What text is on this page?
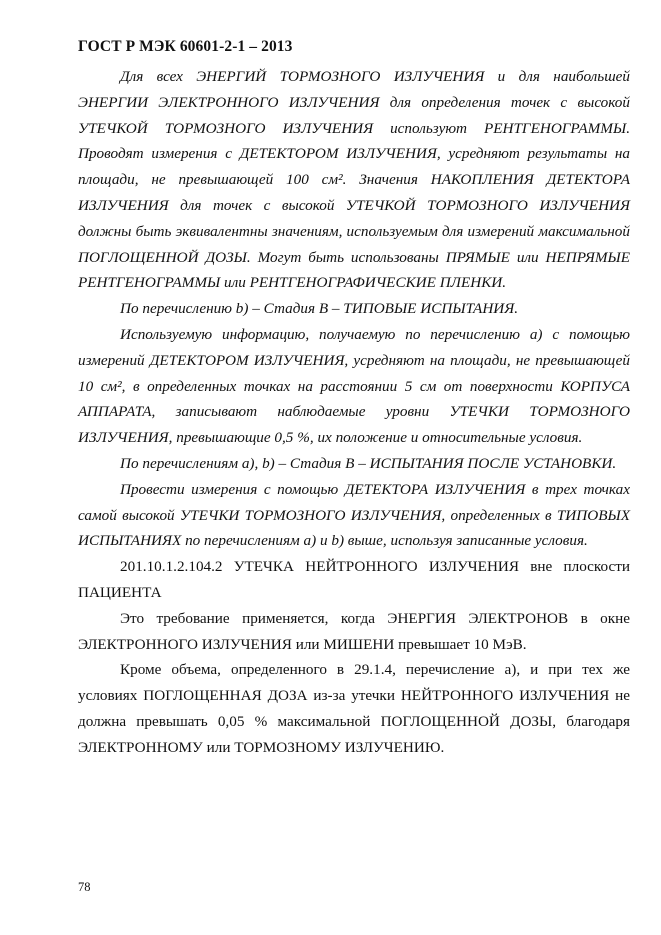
ГОСТ Р МЭК 60601-2-1 – 2013

Для всех ЭНЕРГИЙ ТОРМОЗНОГО ИЗЛУЧЕНИЯ и для наибольшей ЭНЕРГИИ ЭЛЕКТРОННОГО ИЗЛУЧЕНИЯ для определения точек с высокой УТЕЧКОЙ ТОРМОЗНОГО ИЗЛУЧЕНИЯ используют РЕНТГЕНОГРАММЫ. Проводят измерения с ДЕТЕКТОРОМ ИЗЛУЧЕНИЯ, усредняют результаты на площади, не превышающей 100 см². Значения НАКОПЛЕНИЯ ДЕТЕКТОРА ИЗЛУЧЕНИЯ для точек с высокой УТЕЧКОЙ ТОРМОЗНОГО ИЗЛУЧЕНИЯ должны быть эквивалентны значениям, используемым для измерений максимальной ПОГЛОЩЕННОЙ ДОЗЫ. Могут быть использованы ПРЯМЫЕ или НЕПРЯМЫЕ РЕНТГЕНОГРАММЫ или РЕНТГЕНОГРАФИЧЕСКИЕ ПЛЕНКИ.

По перечислению b) – Стадия В – ТИПОВЫЕ ИСПЫТАНИЯ.

Используемую информацию, получаемую по перечислению a) с помощью измерений ДЕТЕКТОРОМ ИЗЛУЧЕНИЯ, усредняют на площади, не превышающей 10 см², в определенных точках на расстоянии 5 см от поверхности КОРПУСА АППАРАТА, записывают наблюдаемые уровни УТЕЧКИ ТОРМОЗНОГО ИЗЛУЧЕНИЯ, превышающие 0,5 %, их положение и относительные условия.

По перечислениям a), b) – Стадия В – ИСПЫТАНИЯ ПОСЛЕ УСТАНОВКИ.

Провести измерения с помощью ДЕТЕКТОРА ИЗЛУЧЕНИЯ в трех точках самой высокой УТЕЧКИ ТОРМОЗНОГО ИЗЛУЧЕНИЯ, определенных в ТИПОВЫХ ИСПЫТАНИЯХ по перечислениям a) и b) выше, используя записанные условия.

201.10.1.2.104.2 УТЕЧКА НЕЙТРОННОГО ИЗЛУЧЕНИЯ вне плоскости ПАЦИЕНТА

Это требование применяется, когда ЭНЕРГИЯ ЭЛЕКТРОНОВ в окне ЭЛЕКТРОННОГО ИЗЛУЧЕНИЯ или МИШЕНИ превышает 10 МэВ.

Кроме объема, определенного в 29.1.4, перечисление a), и при тех же условиях ПОГЛОЩЕННАЯ ДОЗА из-за утечки НЕЙТРОННОГО ИЗЛУЧЕНИЯ не должна превышать 0,05 % максимальной ПОГЛОЩЕННОЙ ДОЗЫ, благодаря ЭЛЕКТРОННОМУ или ТОРМОЗНОМУ ИЗЛУЧЕНИЮ.

78
